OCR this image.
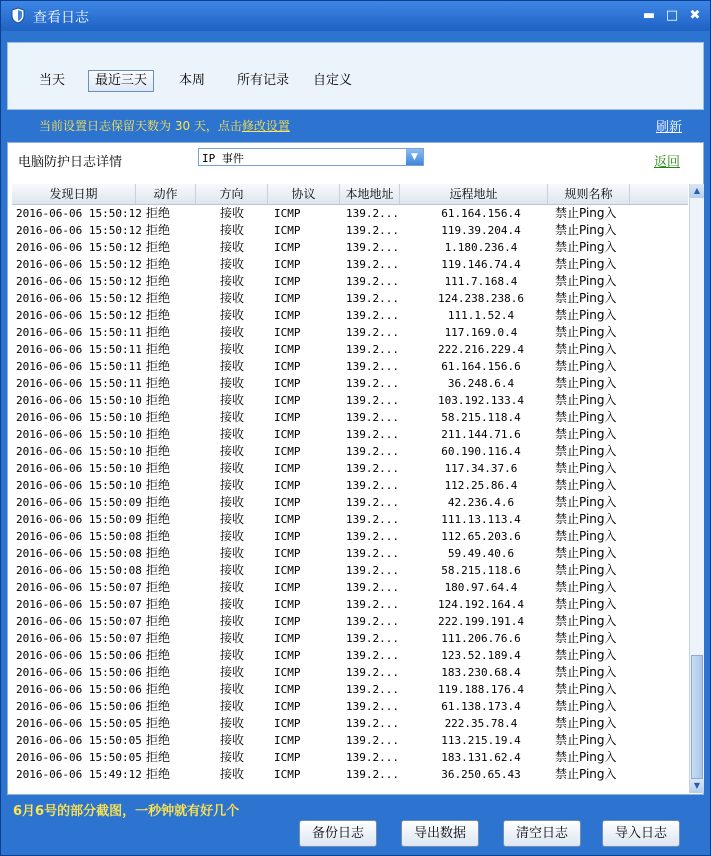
查看日志	▬ □ ✖
当天	最近三天	本周	所有记录	自定义
当前设置日志保留天数为 30 天，点击修改设置	刷新
电脑防护日志详情	IP 事件	▼	返回
发现日期	动作	方向	协议	本地地址	远程地址	规则名称
2016-06-06 15:50:12 拒绝	接收	ICMP	139.2...	61.164.156.4	禁止Ping入
2016-06-06 15:50:12 拒绝	接收	ICMP	139.2...	119.39.204.4	禁止Ping入
2016-06-06 15:50:12 拒绝	接收	ICMP	139.2...	1.180.236.4	禁止Ping入
2016-06-06 15:50:12 拒绝	接收	ICMP	139.2...	119.146.74.4	禁止Ping入
2016-06-06 15:50:12 拒绝	接收	ICMP	139.2...	111.7.168.4	禁止Ping入
2016-06-06 15:50:12 拒绝	接收	ICMP	139.2...	124.238.238.6	禁止Ping入
2016-06-06 15:50:12 拒绝	接收	ICMP	139.2...	111.1.52.4	禁止Ping入
2016-06-06 15:50:11 拒绝	接收	ICMP	139.2...	117.169.0.4	禁止Ping入
2016-06-06 15:50:11 拒绝	接收	ICMP	139.2...	222.216.229.4	禁止Ping入
2016-06-06 15:50:11 拒绝	接收	ICMP	139.2...	61.164.156.6	禁止Ping入
2016-06-06 15:50:11 拒绝	接收	ICMP	139.2...	36.248.6.4	禁止Ping入
2016-06-06 15:50:10 拒绝	接收	ICMP	139.2...	103.192.133.4	禁止Ping入
2016-06-06 15:50:10 拒绝	接收	ICMP	139.2...	58.215.118.4	禁止Ping入
2016-06-06 15:50:10 拒绝	接收	ICMP	139.2...	211.144.71.6	禁止Ping入
2016-06-06 15:50:10 拒绝	接收	ICMP	139.2...	60.190.116.4	禁止Ping入
2016-06-06 15:50:10 拒绝	接收	ICMP	139.2...	117.34.37.6	禁止Ping入
2016-06-06 15:50:10 拒绝	接收	ICMP	139.2...	112.25.86.4	禁止Ping入
2016-06-06 15:50:09 拒绝	接收	ICMP	139.2...	42.236.4.6	禁止Ping入
2016-06-06 15:50:09 拒绝	接收	ICMP	139.2...	111.13.113.4	禁止Ping入
2016-06-06 15:50:08 拒绝	接收	ICMP	139.2...	112.65.203.6	禁止Ping入
2016-06-06 15:50:08 拒绝	接收	ICMP	139.2...	59.49.40.6	禁止Ping入
2016-06-06 15:50:08 拒绝	接收	ICMP	139.2...	58.215.118.6	禁止Ping入
2016-06-06 15:50:07 拒绝	接收	ICMP	139.2...	180.97.64.4	禁止Ping入
2016-06-06 15:50:07 拒绝	接收	ICMP	139.2...	124.192.164.4	禁止Ping入
2016-06-06 15:50:07 拒绝	接收	ICMP	139.2...	222.199.191.4	禁止Ping入
2016-06-06 15:50:07 拒绝	接收	ICMP	139.2...	111.206.76.6	禁止Ping入
2016-06-06 15:50:06 拒绝	接收	ICMP	139.2...	123.52.189.4	禁止Ping入
2016-06-06 15:50:06 拒绝	接收	ICMP	139.2...	183.230.68.4	禁止Ping入
2016-06-06 15:50:06 拒绝	接收	ICMP	139.2...	119.188.176.4	禁止Ping入
2016-06-06 15:50:06 拒绝	接收	ICMP	139.2...	61.138.173.4	禁止Ping入
2016-06-06 15:50:05 拒绝	接收	ICMP	139.2...	222.35.78.4	禁止Ping入
2016-06-06 15:50:05 拒绝	接收	ICMP	139.2...	113.215.19.4	禁止Ping入
2016-06-06 15:50:05 拒绝	接收	ICMP	139.2...	183.131.62.4	禁止Ping入
2016-06-06 15:49:12 拒绝	接收	ICMP	139.2...	36.250.65.43	禁止Ping入
▲
▼
6月6号的部分截图，一秒钟就有好几个
备份日志	导出数据	清空日志	导入日志
